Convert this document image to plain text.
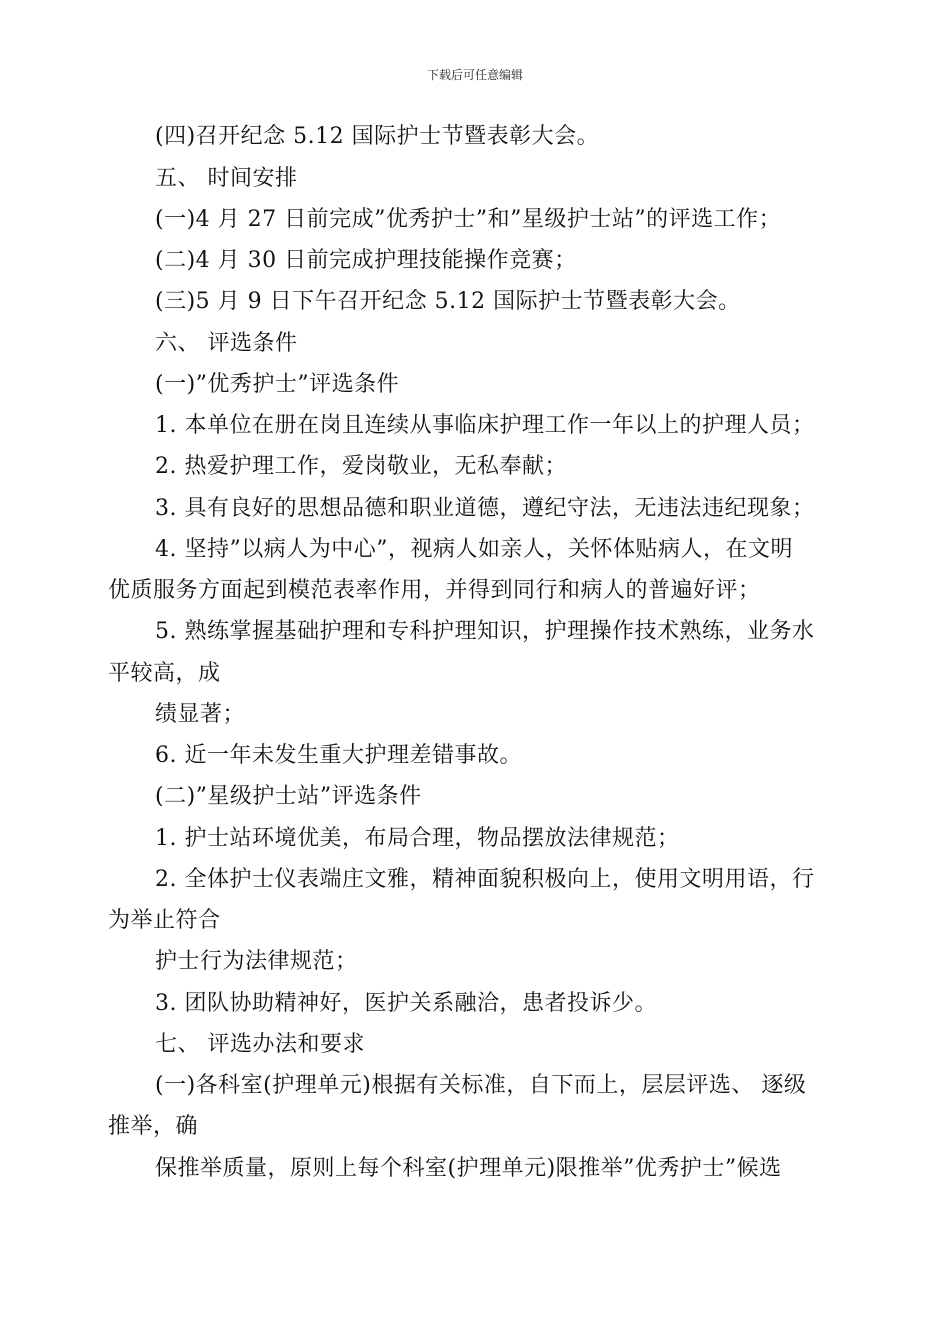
下载后可任意编辑
(四)召开纪念 5.12 国际护士节暨表彰大会。
五、 时间安排
(一)4 月 27 日前完成”优秀护士”和”星级护士站”的评选工作；
(二)4 月 30 日前完成护理技能操作竞赛；
(三)5 月 9 日下午召开纪念 5.12 国际护士节暨表彰大会。
六、 评选条件
(一)”优秀护士”评选条件
1. 本单位在册在岗且连续从事临床护理工作一年以上的护理人员；
2. 热爱护理工作，爱岗敬业，无私奉献；
3. 具有良好的思想品德和职业道德，遵纪守法，无违法违纪现象；
4. 坚持”以病人为中心”，视病人如亲人，关怀体贴病人，在文明
优质服务方面起到模范表率作用，并得到同行和病人的普遍好评；
5. 熟练掌握基础护理和专科护理知识，护理操作技术熟练，业务水
平较高，成
绩显著；
6. 近一年未发生重大护理差错事故。
(二)”星级护士站”评选条件
1. 护士站环境优美，布局合理，物品摆放法律规范；
2. 全体护士仪表端庄文雅，精神面貌积极向上，使用文明用语，行
为举止符合
护士行为法律规范；
3. 团队协助精神好，医护关系融洽，患者投诉少。
七、 评选办法和要求
(一)各科室(护理单元)根据有关标准，自下而上，层层评选、 逐级
推举，确
保推举质量，原则上每个科室(护理单元)限推举”优秀护士”候选
